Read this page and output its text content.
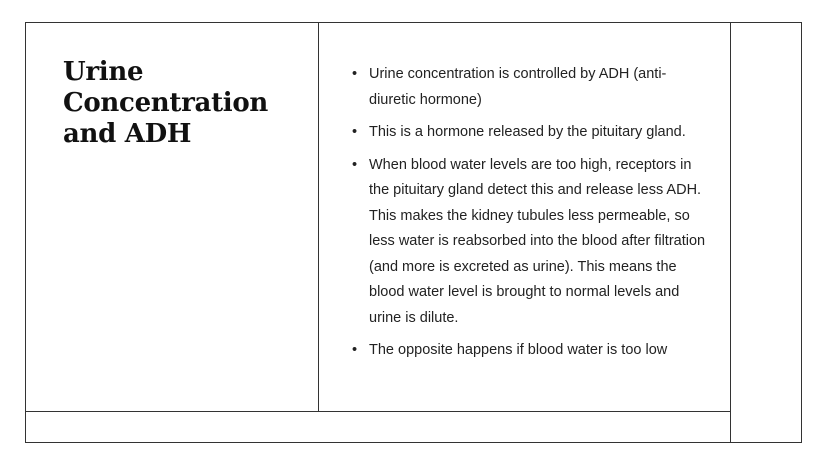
Urine Concentration and ADH
• Urine concentration is controlled by ADH (anti-diuretic hormone)
• This is a hormone released by the pituitary gland.
• When blood water levels are too high, receptors in the pituitary gland detect this and release less ADH. This makes the kidney tubules less permeable, so less water is reabsorbed into the blood after filtration (and more is excreted as urine). This means the blood water level is brought to normal levels and urine is dilute.
• The opposite happens if blood water is too low
